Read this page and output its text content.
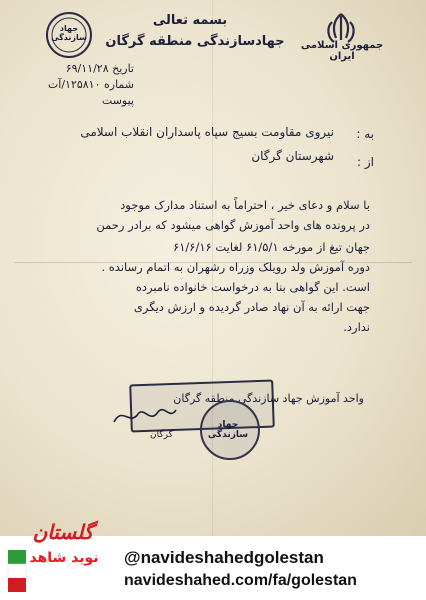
بسمه تعالی
جهادسازندگی منطقه گرگان	جمهوری اسلامی ایران
جهاد سازندگی
تاریخ ۶۹/۱۱/۲۸
شماره ۱۲۵۸۱۰/آت
پیوست
به :
نیروی مقاومت بسیج سپاه پاسداران انقلاب اسلامی
از :
شهرستان گرگان
با سلام و دعای خیر ، احتراماً به استناد مدارک موجود
در پرونده های واحد آموزش گواهی میشود که برادر رحمن
جهان تیغ از مورخه ۶۱/۵/۱ لغایت ۶۱/۶/۱۶
دوره آموزش ولد رویلک وزراه رشهران به اتمام رسانده .
است. این گواهی بنا به درخواست خانواده نامبرده
جهت ارائه به آن نهاد صادر گردیده و ارزش دیگری
ندارد.
واحد آموزش جهاد سازندگی منطقه گرگان
جهاد سازندگی
گرگان
گلستان
نوید شاهد	@navideshahedgolestan
navideshahed.com/fa/golestan
